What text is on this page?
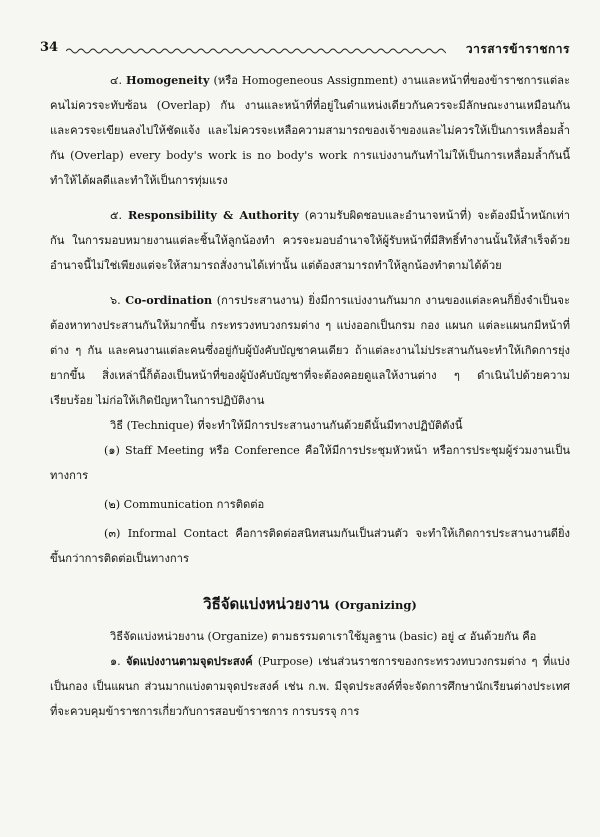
34	วารสารข้าราชการ

๔. Homogeneity (หรือ Homogeneous Assignment) งานและหน้าที่ของข้าราชการแต่ละคนไม่ควรจะทับซ้อน (Overlap) กัน งานและหน้าที่ที่อยู่ในตำแหน่งเดียวกันควรจะมีลักษณะงานเหมือนกัน และควรจะเขียนลงไปให้ชัดแจ้ง และไม่ควรจะเหลือความสามารถของเจ้าของและไม่ควรให้เป็นการเหลื่อมล้ำกัน (Overlap) every body's work is no body's work การแบ่งงานกันทำไม่ให้เป็นการเหลื่อมล้ำกันนี้ ทำให้ได้ผลดีและทำให้เป็นการทุ่มแรง

๕. Responsibility & Authority (ความรับผิดชอบและอำนาจหน้าที่) จะต้องมีน้ำหนักเท่ากัน ในการมอบหมายงานแต่ละชิ้นให้ลูกน้องทำ ควรจะมอบอำนาจให้ผู้รับหน้าที่มีสิทธิ์ทำงานนั้นให้สำเร็จด้วย อำนาจนี้ไม่ใช่เพียงแต่จะให้สามารถสั่งงานได้เท่านั้น แต่ต้องสามารถทำให้ลูกน้องทำตามได้ด้วย

๖. Co-ordination (การประสานงาน) ยิ่งมีการแบ่งงานกันมาก งานของแต่ละคนก็ยิ่งจำเป็นจะต้องหาทางประสานกันให้มากขึ้น กระทรวงทบวงกรมต่าง ๆ แบ่งออกเป็นกรม กอง แผนก แต่ละแผนกมีหน้าที่ต่าง ๆ กัน และคนงานแต่ละคนซึ่งอยู่กับผู้บังคับบัญชาคนเดียว ถ้าแต่ละงานไม่ประสานกันจะทำให้เกิดการยุ่งยากขึ้น สิ่งเหล่านี้ก็ต้องเป็นหน้าที่ของผู้บังคับบัญชาที่จะต้องคอยดูแลให้งานต่าง ๆ ดำเนินไปด้วยความเรียบร้อย ไม่ก่อให้เกิดปัญหาในการปฏิบัติงาน

วิธี (Technique) ที่จะทำให้มีการประสานงานกันด้วยดีนั้นมีทางปฏิบัติดังนี้

(๑) Staff Meeting หรือ Conference คือให้มีการประชุมหัวหน้า หรือการประชุมผู้ร่วมงานเป็นทางการ

(๒) Communication การติดต่อ

(๓) Informal Contact คือการติดต่อสนิทสนมกันเป็นส่วนตัว จะทำให้เกิดการประสานงานดียิ่งขึ้นกว่าการติดต่อเป็นทางการ

วิธีจัดแบ่งหน่วยงาน (Organizing)

วิธีจัดแบ่งหน่วยงาน (Organize) ตามธรรมดาเราใช้มูลฐาน (basic) อยู่ ๔ อันด้วยกัน คือ

๑. จัดแบ่งงานตามจุดประสงค์ (Purpose) เช่นส่วนราชการของกระทรวงทบวงกรมต่าง ๆ ที่แบ่งเป็นกอง เป็นแผนก ส่วนมากแบ่งตามจุดประสงค์ เช่น ก.พ. มีจุดประสงค์ที่จะจัดการศึกษานักเรียนต่างประเทศ ที่จะควบคุมข้าราชการเกี่ยวกับการสอบข้าราชการ การบรรจุ การ
